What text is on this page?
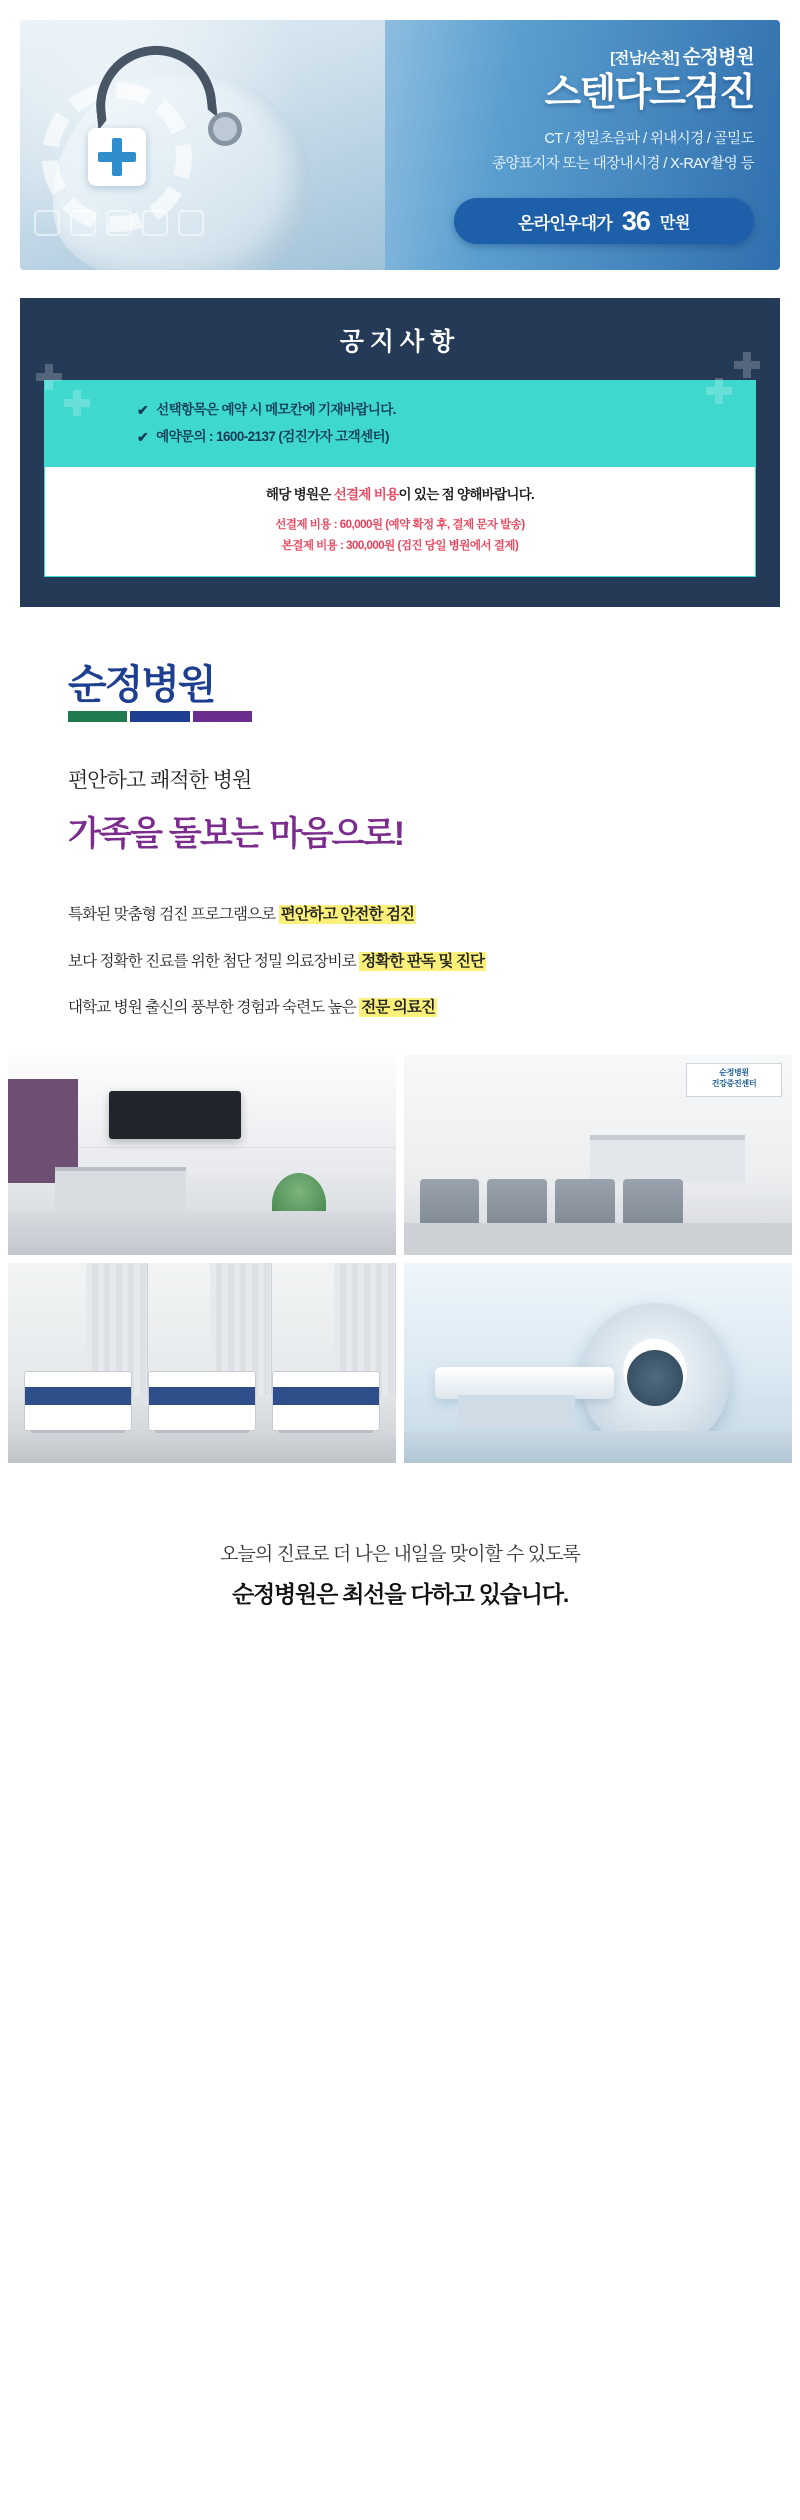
[전남/순천] 순정병원
스텐다드검진
CT / 정밀초음파 / 위내시경 / 골밀도
종양표지자 또는 대장내시경 / X-RAY촬영 등
온라인우대가 36 만원
공지사항
✔ 선택항목은 예약 시 메모칸에 기재바랍니다.
✔ 예약문의 : 1600-2137 (검진가자 고객센터)
해당 병원은 선결제 비용이 있는 점 양해바랍니다.
선결제 비용 : 60,000원 (예약 확정 후, 결제 문자 발송)
본결제 비용 : 300,000원 (검진 당일 병원에서 결제)
순정병원
편안하고 쾌적한 병원
가족을 돌보는 마음으로!
특화된 맞춤형 검진 프로그램으로 편안하고 안전한 검진
보다 정확한 진료를 위한 첨단 정밀 의료장비로 정확한 판독 및 진단
대학교 병원 출신의 풍부한 경험과 숙련도 높은 전문 의료진
순정병원
건강증진센터
오늘의 진료로 더 나은 내일을 맞이할 수 있도록
순정병원은 최선을 다하고 있습니다.
